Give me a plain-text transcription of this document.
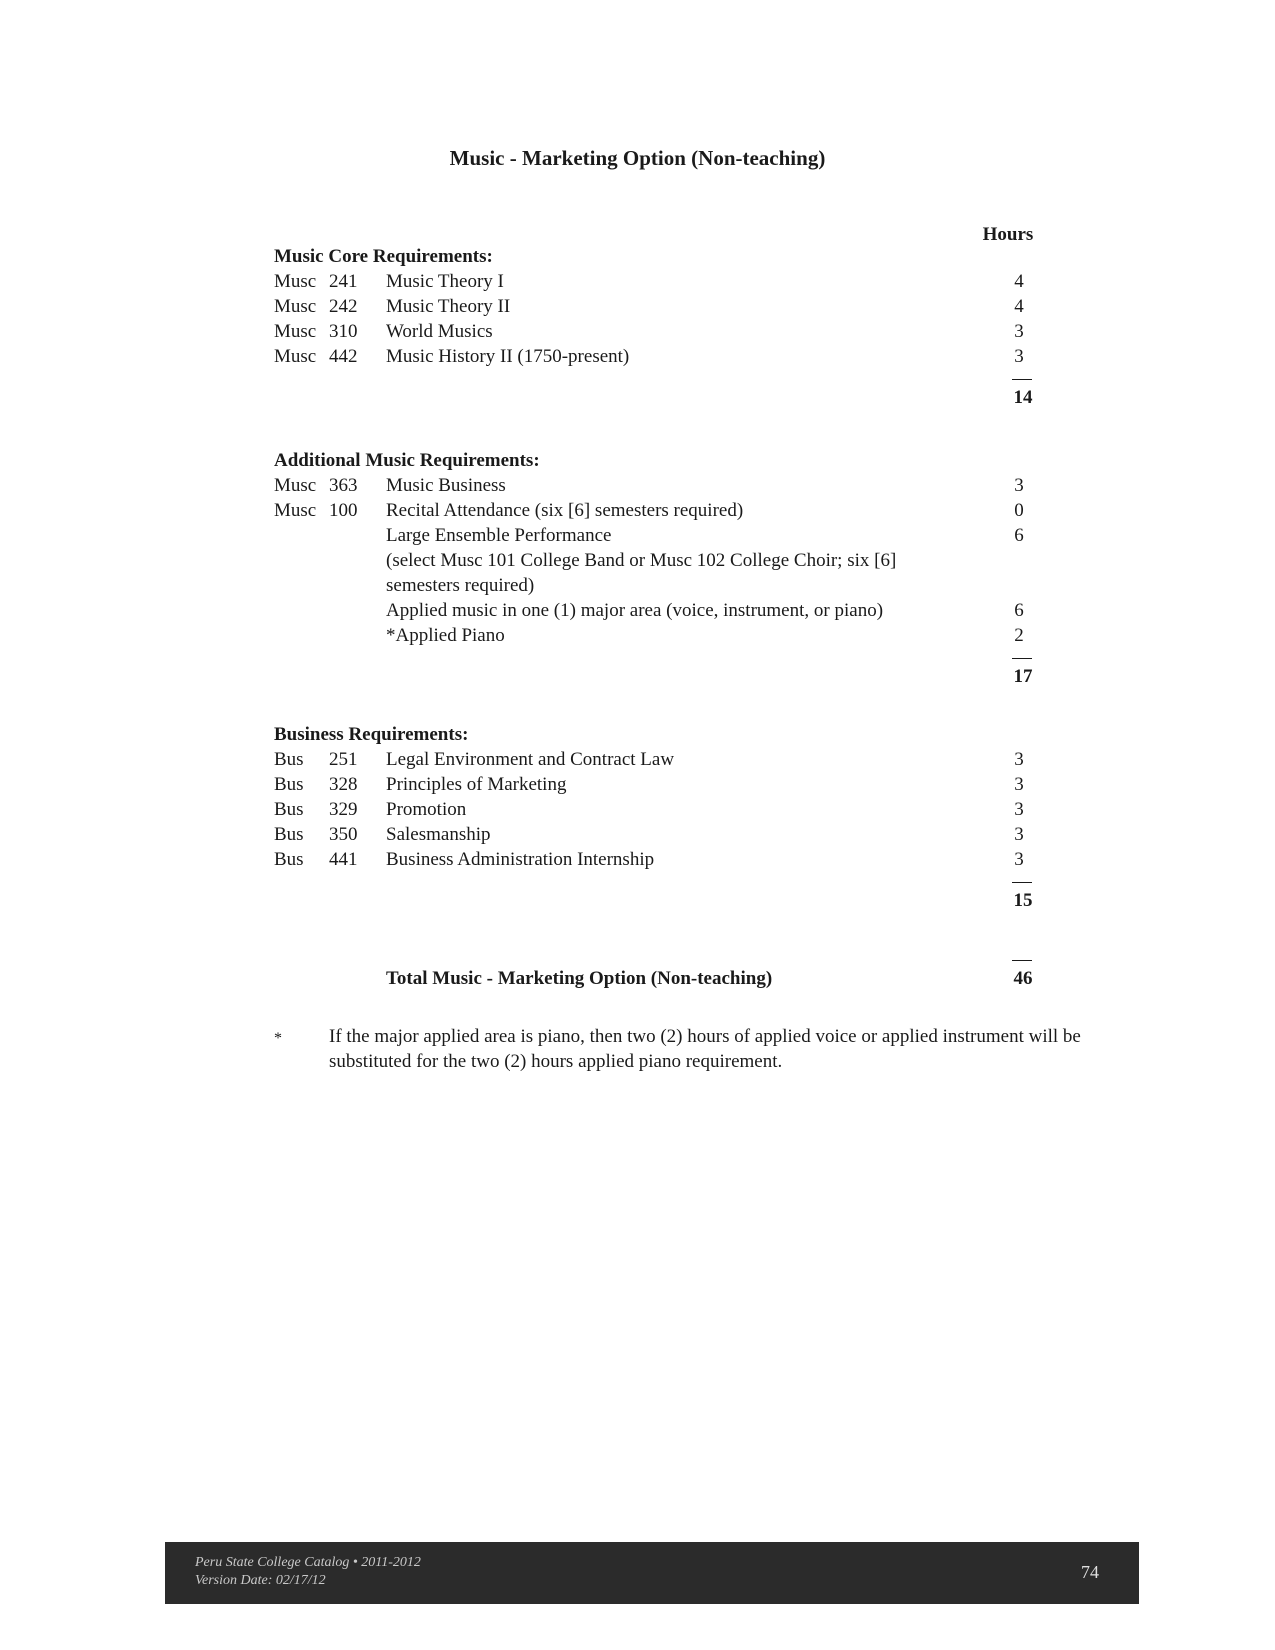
Music - Marketing Option (Non-teaching)
Hours
Music Core Requirements:
Musc 241 Music Theory I	4
Musc 242 Music Theory II	4
Musc 310 World Musics	3
Musc 442 Music History II (1750-present)	3
14
Additional Music Requirements:
Musc 363 Music Business	3
Musc 100 Recital Attendance (six [6] semesters required)	0
Large Ensemble Performance	6
(select Musc 101 College Band or Musc 102 College Choir; six [6] semesters required)
Applied music in one (1) major area (voice, instrument, or piano)	6
*Applied Piano	2
17
Business Requirements:
Bus 251 Legal Environment and Contract Law	3
Bus 328 Principles of Marketing	3
Bus 329 Promotion	3
Bus 350 Salesmanship	3
Bus 441 Business Administration Internship	3
15
Total Music - Marketing Option (Non-teaching)	46
* If the major applied area is piano, then two (2) hours of applied voice or applied instrument will be substituted for the two (2) hours applied piano requirement.
Peru State College Catalog • 2011-2012
Version Date: 02/17/12	74
